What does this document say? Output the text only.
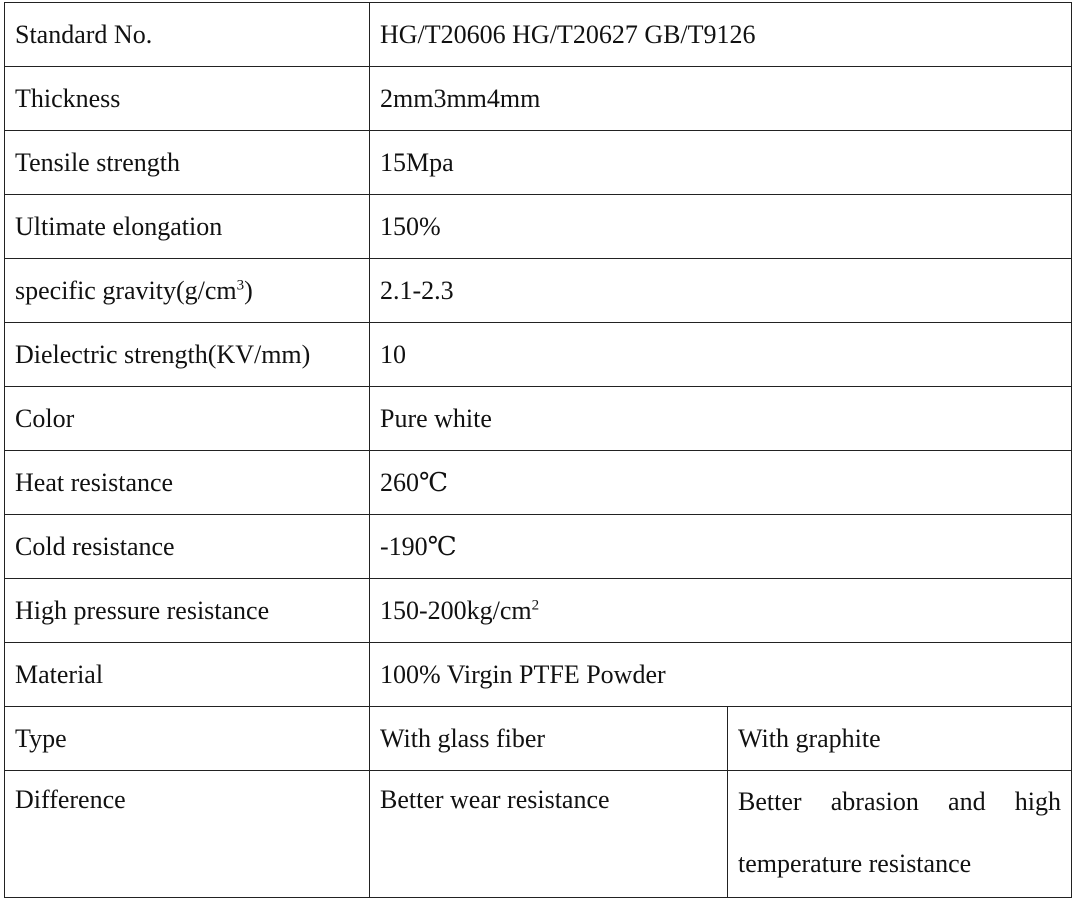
Standard No.	HG/T20606 HG/T20627 GB/T9126	
Thickness	2mm3mm4mm	
Tensile strength	15Mpa	
Ultimate elongation	150%	
specific $gravity(g/cm^3)$	2.1-2.3	
Dielectric strength(KV/mm)	10	
Color	Pure white	
Heat resistance	260℃	
Cold resistance	-190℃	
High pressure resistance	$150-200kg/cm^2$
Material	100% Virgin PTFE Powder	
Type	With glass fiber	With graphite
Difference	Better wear resistance	Better abrasion and high temperature resistance
